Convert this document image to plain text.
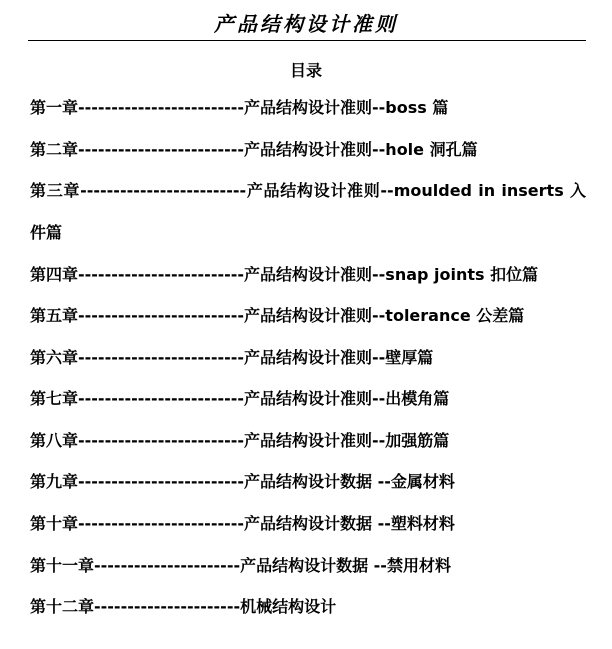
产品结构设计准则
目录
第一章-------------------------产品结构设计准则--boss 篇
第二章-------------------------产品结构设计准则--hole 洞孔篇
第三章-------------------------产品结构设计准则--moulded in inserts 入
件篇
第四章-------------------------产品结构设计准则--snap joints 扣位篇
第五章-------------------------产品结构设计准则--tolerance 公差篇
第六章-------------------------产品结构设计准则--壁厚篇
第七章-------------------------产品结构设计准则--出模角篇
第八章-------------------------产品结构设计准则--加强筋篇
第九章-------------------------产品结构设计数据 --金属材料
第十章-------------------------产品结构设计数据 --塑料材料
第十一章----------------------产品结构设计数据 --禁用材料
第十二章----------------------机械结构设计
